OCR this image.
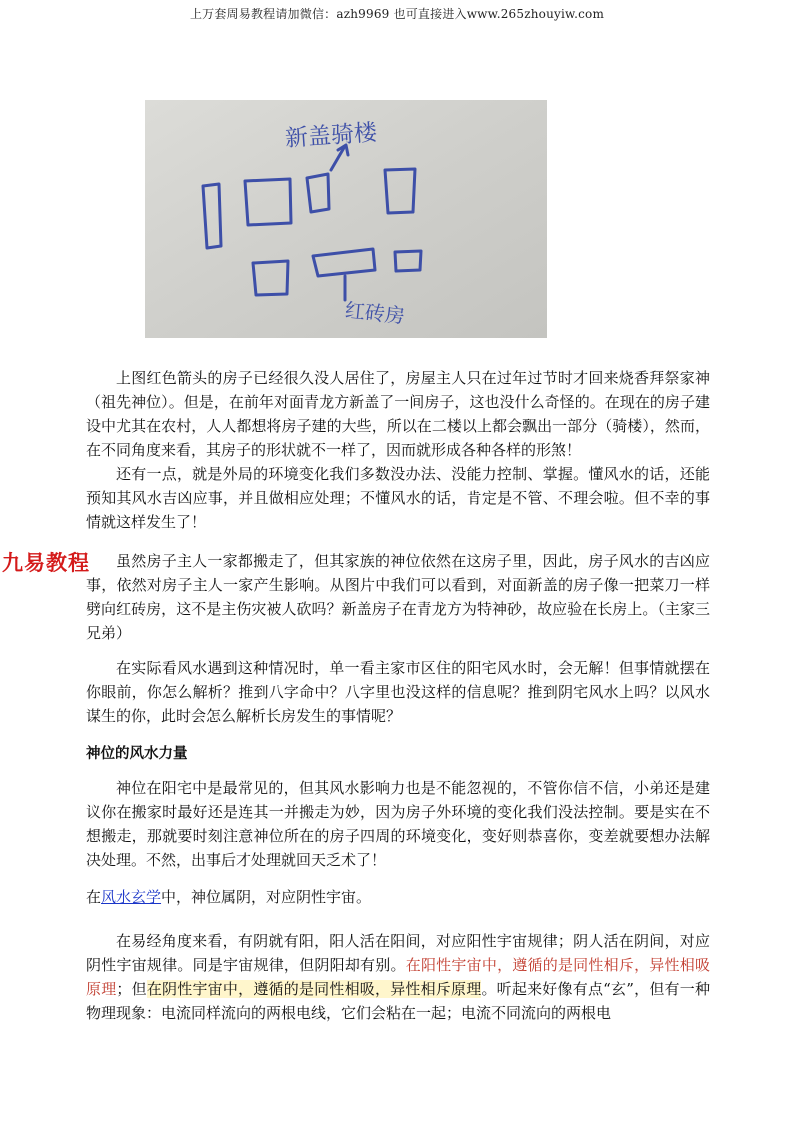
上万套周易教程请加微信：azh9969 也可直接进入www.265zhouyiw.com
新盖骑楼
红砖房
九易教程

上图红色箭头的房子已经很久没人居住了，房屋主人只在过年过节时才回来烧香拜祭家神（祖先神位）。但是，在前年对面青龙方新盖了一间房子，这也没什么奇怪的。在现在的房子建设中尤其在农村，人人都想将房子建的大些，所以在二楼以上都会飘出一部分（骑楼），然而，在不同角度来看，其房子的形状就不一样了，因而就形成各种各样的形煞！

还有一点，就是外局的环境变化我们多数没办法、没能力控制、掌握。懂风水的话，还能预知其风水吉凶应事，并且做相应处理；不懂风水的话，肯定是不管、不理会啦。但不幸的事情就这样发生了！

虽然房子主人一家都搬走了，但其家族的神位依然在这房子里，因此，房子风水的吉凶应事，依然对房子主人一家产生影响。从图片中我们可以看到，对面新盖的房子像一把菜刀一样劈向红砖房，这不是主伤灾被人砍吗？新盖房子在青龙方为特神砂，故应验在长房上。（主家三兄弟）

在实际看风水遇到这种情况时，单一看主家市区住的阳宅风水时，会无解！但事情就摆在你眼前，你怎么解析？推到八字命中？八字里也没这样的信息呢？推到阴宅风水上吗？以风水谋生的你，此时会怎么解析长房发生的事情呢？

神位的风水力量

神位在阳宅中是最常见的，但其风水影响力也是不能忽视的，不管你信不信，小弟还是建议你在搬家时最好还是连其一并搬走为妙，因为房子外环境的变化我们没法控制。要是实在不想搬走，那就要时刻注意神位所在的房子四周的环境变化，变好则恭喜你，变差就要想办法解决处理。不然，出事后才处理就回天乏术了！

在风水玄学中，神位属阴，对应阴性宇宙。

在易经角度来看，有阴就有阳，阳人活在阳间，对应阳性宇宙规律；阴人活在阴间，对应阴性宇宙规律。同是宇宙规律，但阴阳却有别。在阳性宇宙中，遵循的是同性相斥，异性相吸原理；但在阴性宇宙中，遵循的是同性相吸，异性相斥原理。听起来好像有点“玄”，但有一种物理现象：电流同样流向的两根电线，它们会粘在一起；电流不同流向的两根电
